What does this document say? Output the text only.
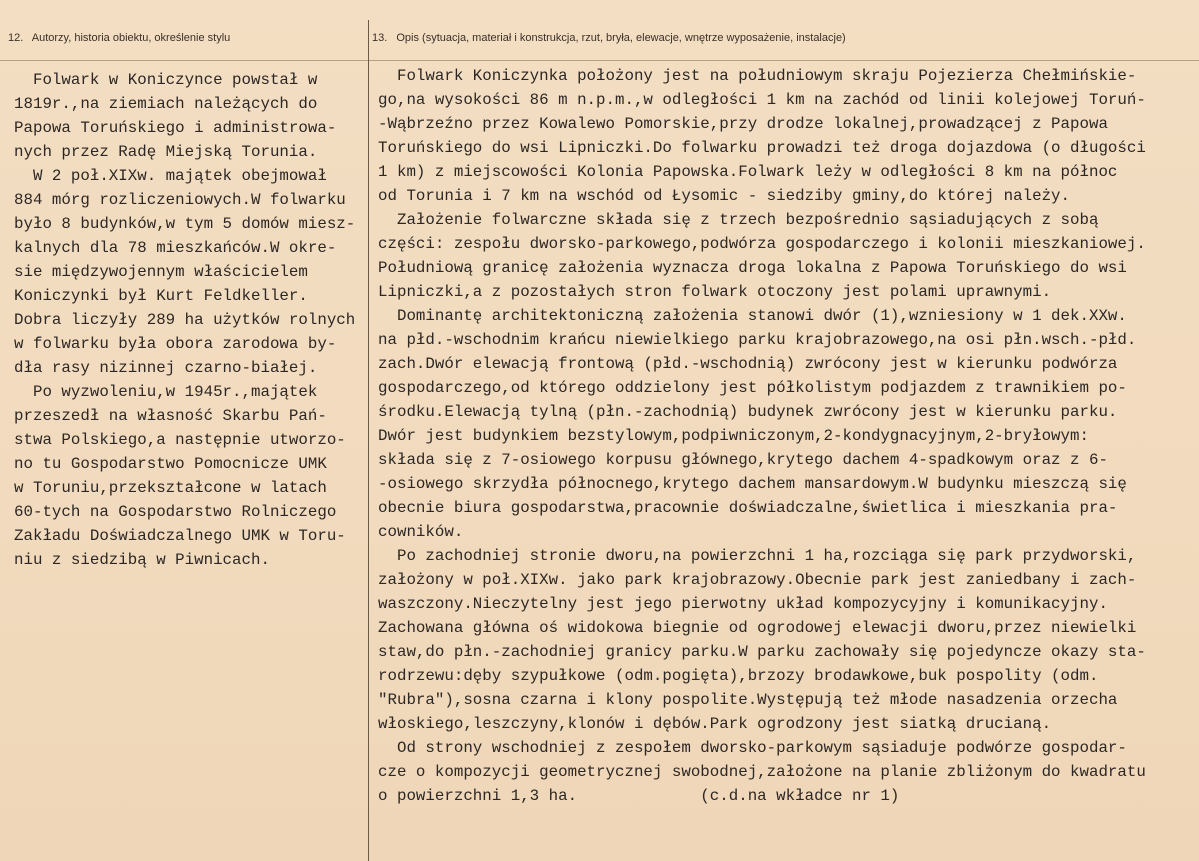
12. Autorzy, historia obiektu, określenie stylu	13. Opis (sytuacja, materiał i konstrukcja, rzut, bryła, elewacje, wnętrze wyposażenie, instalacje)
Folwark w Koniczynce powstał w
1819r.,na ziemiach należących do
Papowa Toruńskiego i administrowa-
nych przez Radę Miejską Torunia.
W 2 poł.XIXw. majątek obejmował
884 mórg rozliczeniowych.W folwarku
było 8 budynków,w tym 5 domów miesz-
kalnych dla 78 mieszkańców.W okre-
sie międzywojennym właścicielem
Koniczynki był Kurt Feldkeller.
Dobra liczyły 289 ha użytków rolnych
w folwarku była obora zarodowa by-
dła rasy nizinnej czarno-białej.
Po wyzwoleniu,w 1945r.,majątek
przeszedł na własność Skarbu Pań-
stwa Polskiego,a następnie utworzo-
no tu Gospodarstwo Pomocnicze UMK
w Toruniu,przekształcone w latach
60-tych na Gospodarstwo Rolniczego
Zakładu Doświadczalnego UMK w Toru-
niu z siedzibą w Piwnicach.
Folwark Koniczynka położony jest na południowym skraju Pojezierza Chełmińskie-
go,na wysokości 86 m n.p.m.,w odległości 1 km na zachód od linii kolejowej Toruń-
-Wąbrzeźno przez Kowalewo Pomorskie,przy drodze lokalnej,prowadzącej z Papowa
Toruńskiego do wsi Lipniczki.Do folwarku prowadzi też droga dojazdowa (o długości
1 km) z miejscowości Kolonia Papowska.Folwark leży w odległości 8 km na północ
od Torunia i 7 km na wschód od Łysomic - siedziby gminy,do której należy.
Założenie folwarczne składa się z trzech bezpośrednio sąsiadujących z sobą
części: zespołu dworsko-parkowego,podwórza gospodarczego i kolonii mieszkaniowej.
Południową granicę założenia wyznacza droga lokalna z Papowa Toruńskiego do wsi
Lipniczki,a z pozostałych stron folwark otoczony jest polami uprawnymi.
Dominantę architektoniczną założenia stanowi dwór (1),wzniesiony w 1 dek.XXw.
na płd.-wschodnim krańcu niewielkiego parku krajobrazowego,na osi płn.wsch.-płd.
zach.Dwór elewacją frontową (płd.-wschodnią) zwrócony jest w kierunku podwórza
gospodarczego,od którego oddzielony jest półkolistym podjazdem z trawnikiem po-
środku.Elewacją tylną (płn.-zachodnią) budynek zwrócony jest w kierunku parku.
Dwór jest budynkiem bezstylowym,podpiwniczonym,2-kondygnacyjnym,2-bryłowym:
składa się z 7-osiowego korpusu głównego,krytego dachem 4-spadkowym oraz z 6-
-osiowego skrzydła północnego,krytego dachem mansardowym.W budynku mieszczą się
obecnie biura gospodarstwa,pracownie doświadczalne,świetlica i mieszkania pra-
cowników.
Po zachodniej stronie dworu,na powierzchni 1 ha,rozciąga się park przydworski,
założony w poł.XIXw. jako park krajobrazowy.Obecnie park jest zaniedbany i zach-
waszczony.Nieczytelny jest jego pierwotny układ kompozycyjny i komunikacyjny.
Zachowana główna oś widokowa biegnie od ogrodowej elewacji dworu,przez niewielki
staw,do płn.-zachodniej granicy parku.W parku zachowały się pojedyncze okazy sta-
rodrzewu:dęby szypułkowe (odm.pogięta),brzozy brodawkowe,buk pospolity (odm.
"Rubra"),sosna czarna i klony pospolite.Występują też młode nasadzenia orzecha
włoskiego,leszczyny,klonów i dębów.Park ogrodzony jest siatką drucianą.
Od strony wschodniej z zespołem dworsko-parkowym sąsiaduje podwórze gospodar-
cze o kompozycji geometrycznej swobodnej,założone na planie zbliżonym do kwadratu
o powierzchni 1,3 ha.             (c.d.na wkładce nr 1)
